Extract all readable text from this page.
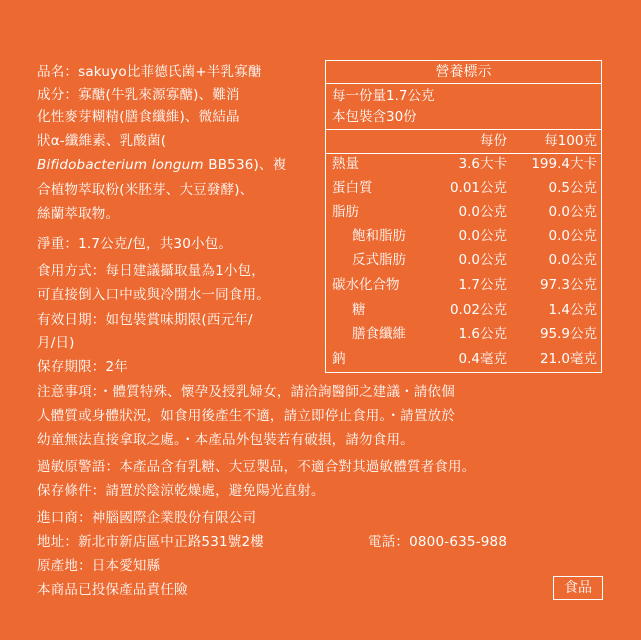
品名：sakuyo比菲德氏菌+半乳寡醣
成分：寡醣(牛乳來源寡醣)、難消
化性麥芽糊精(膳食纖維)、微結晶
狀α-纖維素、乳酸菌(
Bifidobacterium longum BB536)、複
合植物萃取粉(米胚芽、大豆發酵)、
絲蘭萃取物。
淨重：1.7公克/包，共30小包。
食用方式：每日建議攝取量為1小包，
可直接倒入口中或與冷開水一同食用。
有效日期：如包裝賞味期限(西元年/
月/日)
保存期限：2年
營養標示
每一份量1.7公克
本包裝含30份
每份	每100克
熱量	3.6大卡 199.4大卡
蛋白質	0.01公克	0.5公克
脂肪	0.0公克	0.0公克
飽和脂肪	0.0公克	0.0公克
反式脂肪	0.0公克	0.0公克
碳水化合物	1.7公克 97.3公克
糖	0.02公克	1.4公克
膳食纖維	1.6公克 95.9公克
鈉	0.4毫克 21.0毫克
注意事項：・體質特殊、懷孕及授乳婦女，請洽詢醫師之建議・請依個
人體質或身體狀況，如食用後產生不適，請立即停止食用。・請置放於
幼童無法直接拿取之處。・本產品外包裝若有破損，請勿食用。
過敏原警語：本產品含有乳糖、大豆製品，不適合對其過敏體質者食用。
保存條件：請置於陰涼乾燥處，避免陽光直射。
進口商：神腦國際企業股份有限公司
地址：新北市新店區中正路531號2樓	電話：0800-635-988
原產地：日本愛知縣
本商品已投保產品責任險	食品
